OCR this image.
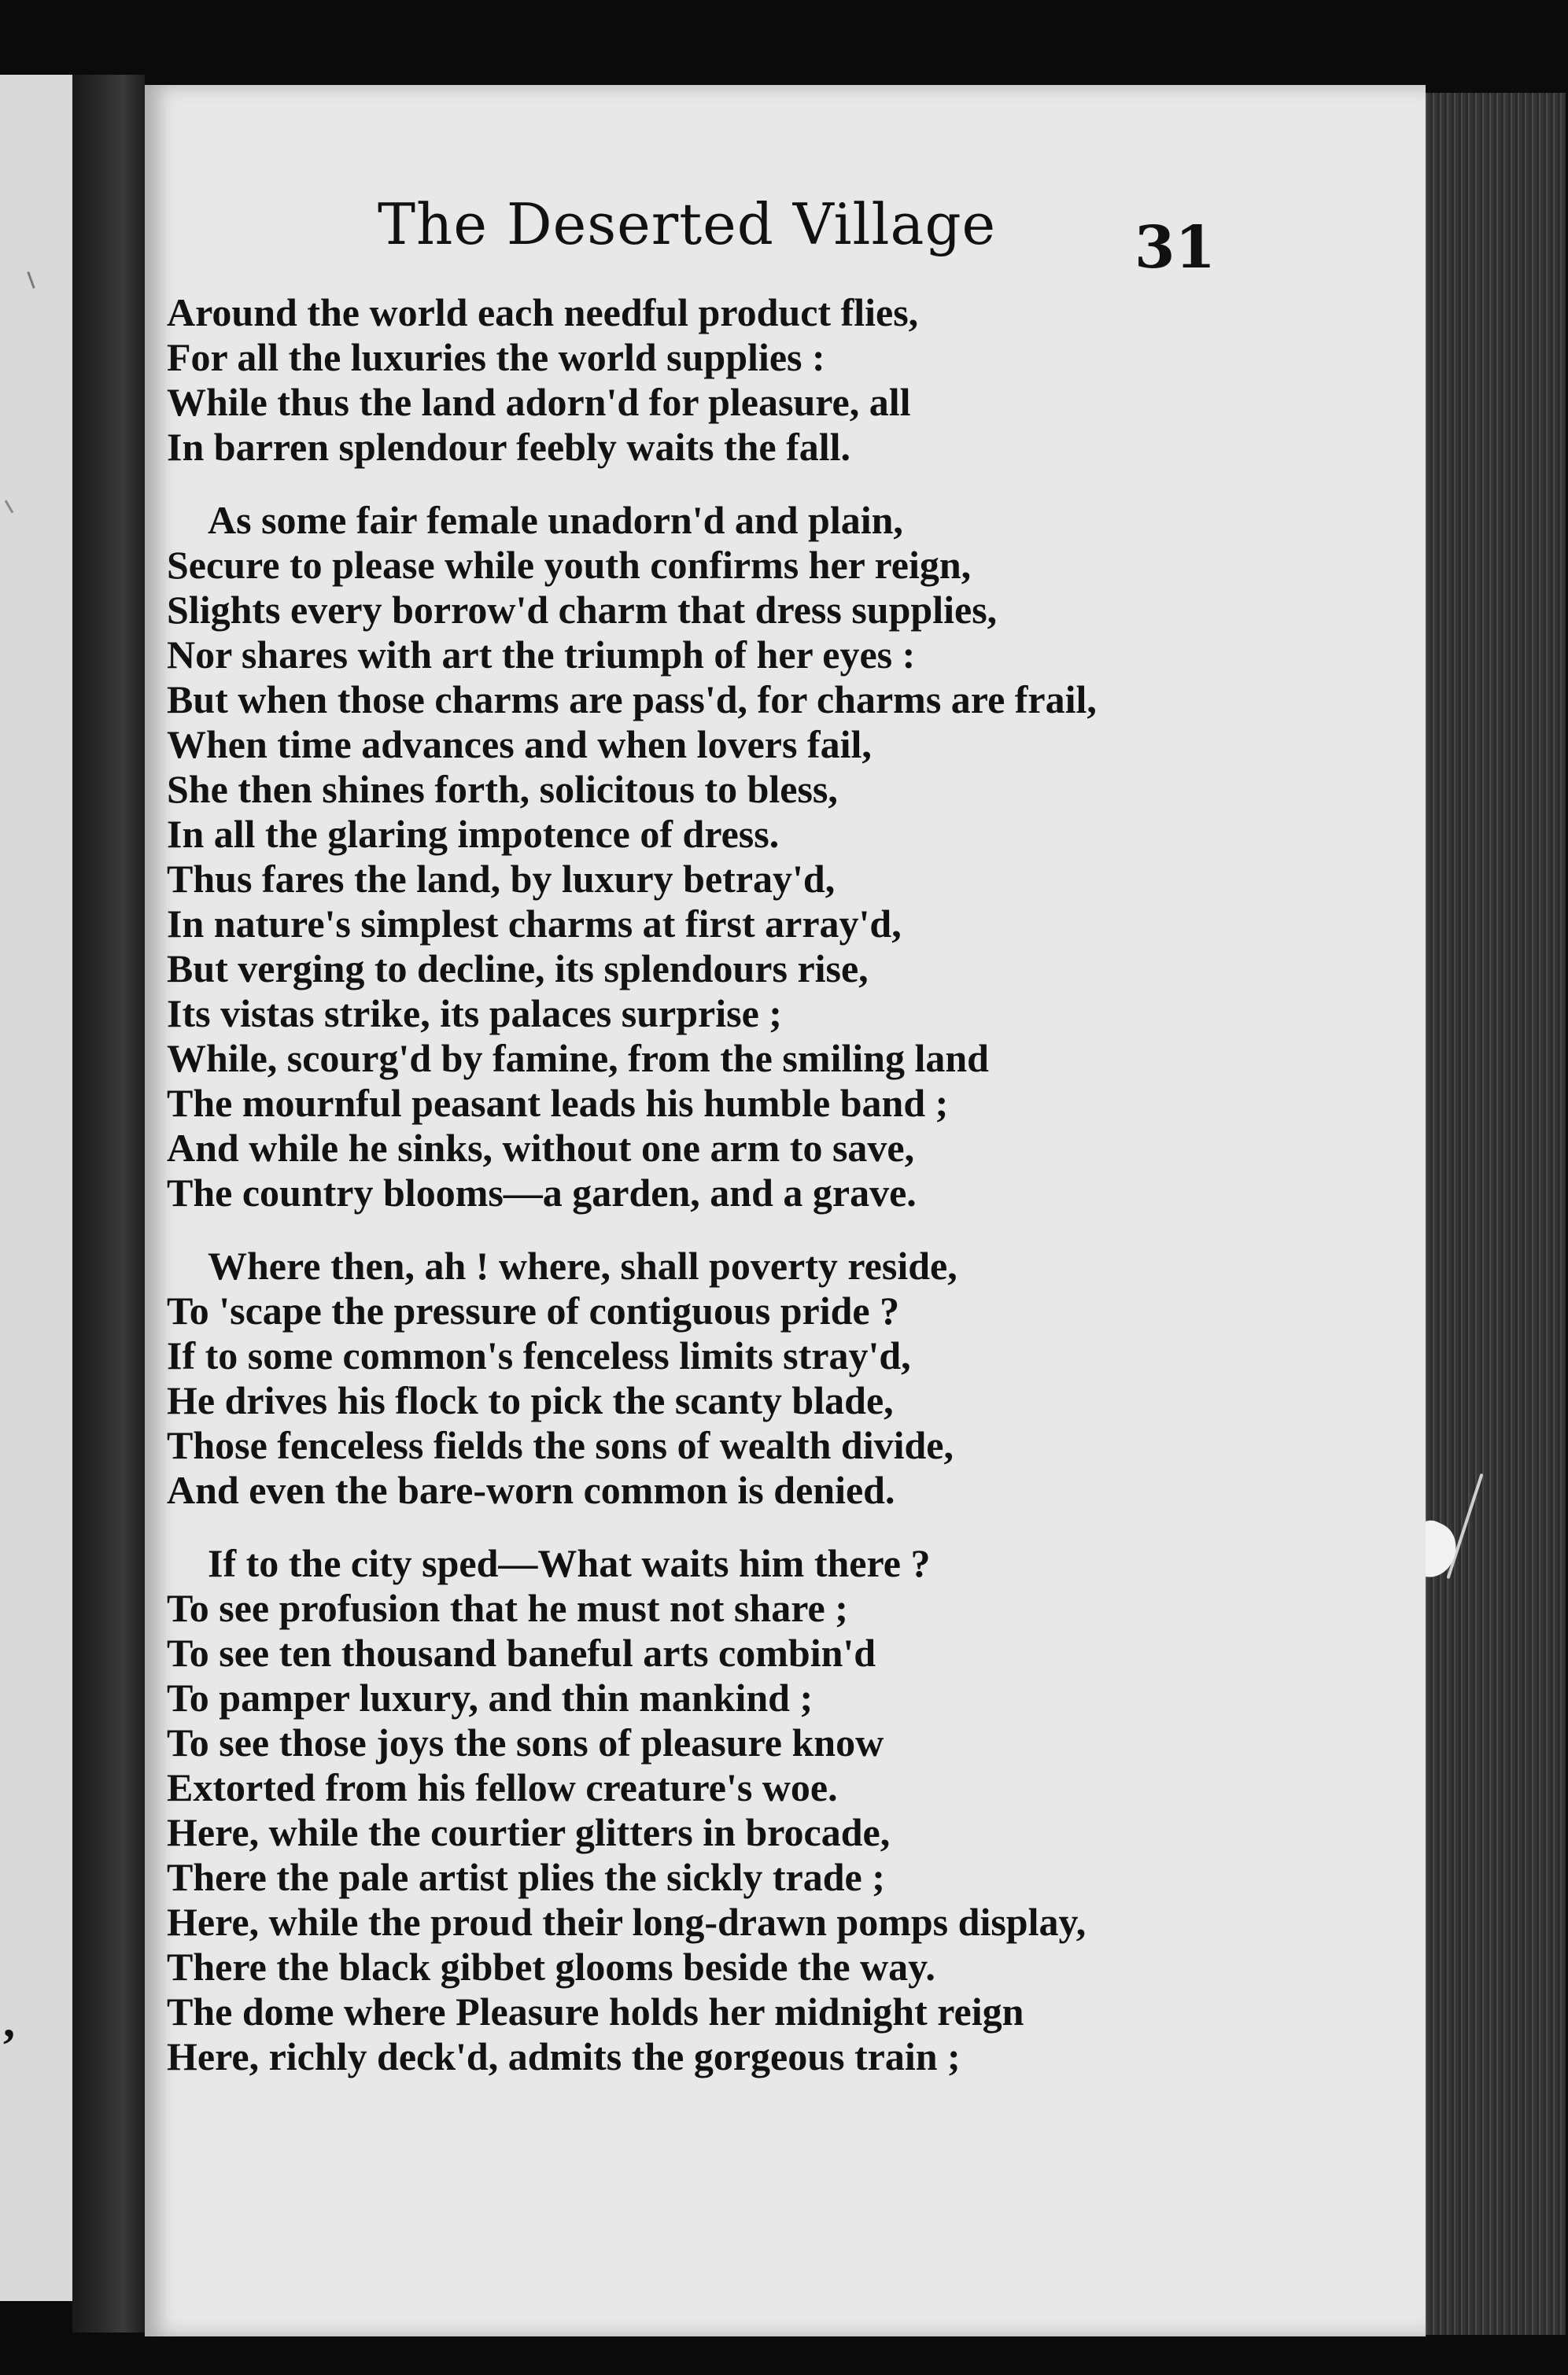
,
The Deserted Village 31
Around the world each needful product flies,
For all the luxuries the world supplies :
While thus the land adorn'd for pleasure, all
In barren splendour feebly waits the fall.
As some fair female unadorn'd and plain,
Secure to please while youth confirms her reign,
Slights every borrow'd charm that dress supplies,
Nor shares with art the triumph of her eyes :
But when those charms are pass'd, for charms are frail,
When time advances and when lovers fail,
She then shines forth, solicitous to bless,
In all the glaring impotence of dress.
Thus fares the land, by luxury betray'd,
In nature's simplest charms at first array'd,
But verging to decline, its splendours rise,
Its vistas strike, its palaces surprise ;
While, scourg'd by famine, from the smiling land
The mournful peasant leads his humble band ;
And while he sinks, without one arm to save,
The country blooms—a garden, and a grave.
Where then, ah ! where, shall poverty reside,
To 'scape the pressure of contiguous pride ?
If to some common's fenceless limits stray'd,
He drives his flock to pick the scanty blade,
Those fenceless fields the sons of wealth divide,
And even the bare-worn common is denied.
If to the city sped—What waits him there ?
To see profusion that he must not share ;
To see ten thousand baneful arts combin'd
To pamper luxury, and thin mankind ;
To see those joys the sons of pleasure know
Extorted from his fellow creature's woe.
Here, while the courtier glitters in brocade,
There the pale artist plies the sickly trade ;
Here, while the proud their long-drawn pomps display,
There the black gibbet glooms beside the way.
The dome where Pleasure holds her midnight reign
Here, richly deck'd, admits the gorgeous train ;
